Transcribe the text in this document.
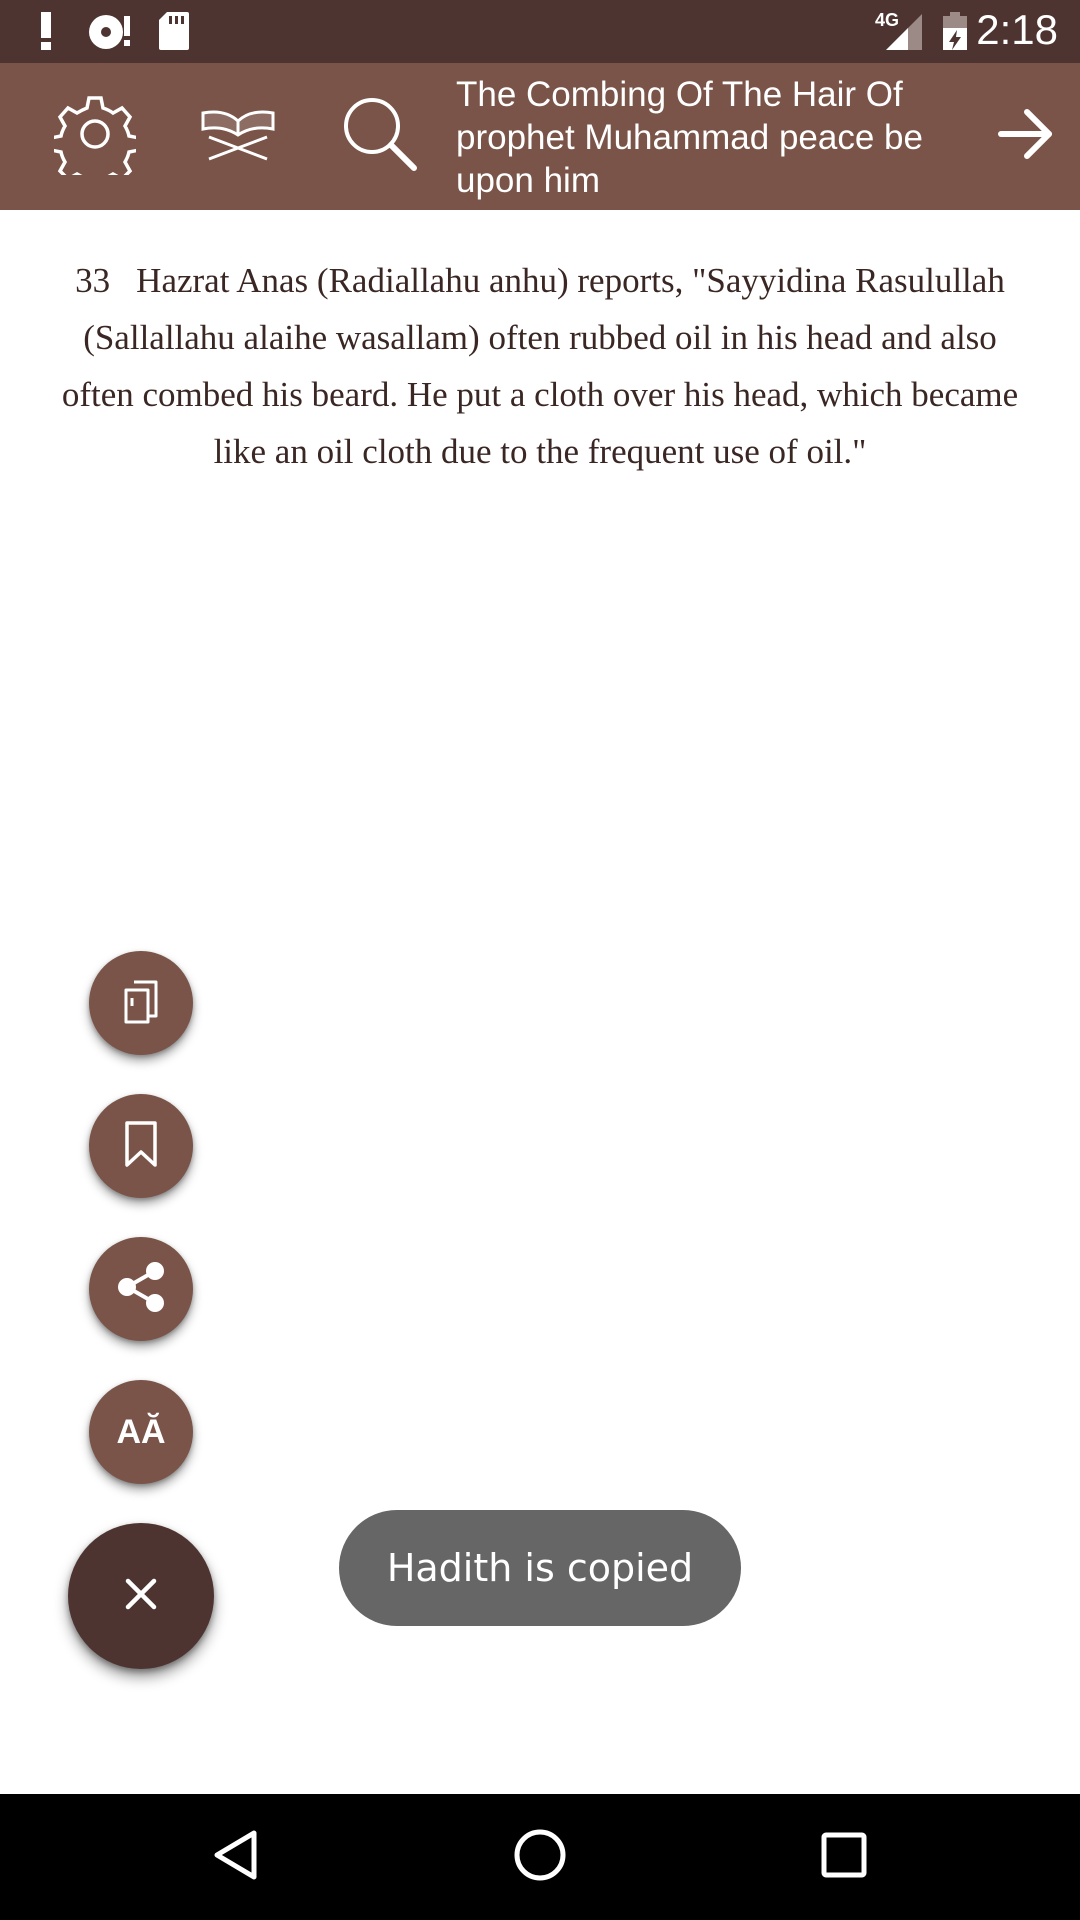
4G 2:18
The Combing Of The Hair Of prophet Muhammad peace be upon him
33 Hazrat Anas (Radiallahu anhu) reports, "Sayyidina Rasulullah (Sallallahu alaihe wasallam) often rubbed oil in his head and also often combed his beard. He put a cloth over his head, which became like an oil cloth due to the frequent use of oil."
AĂ
Hadith is copied
